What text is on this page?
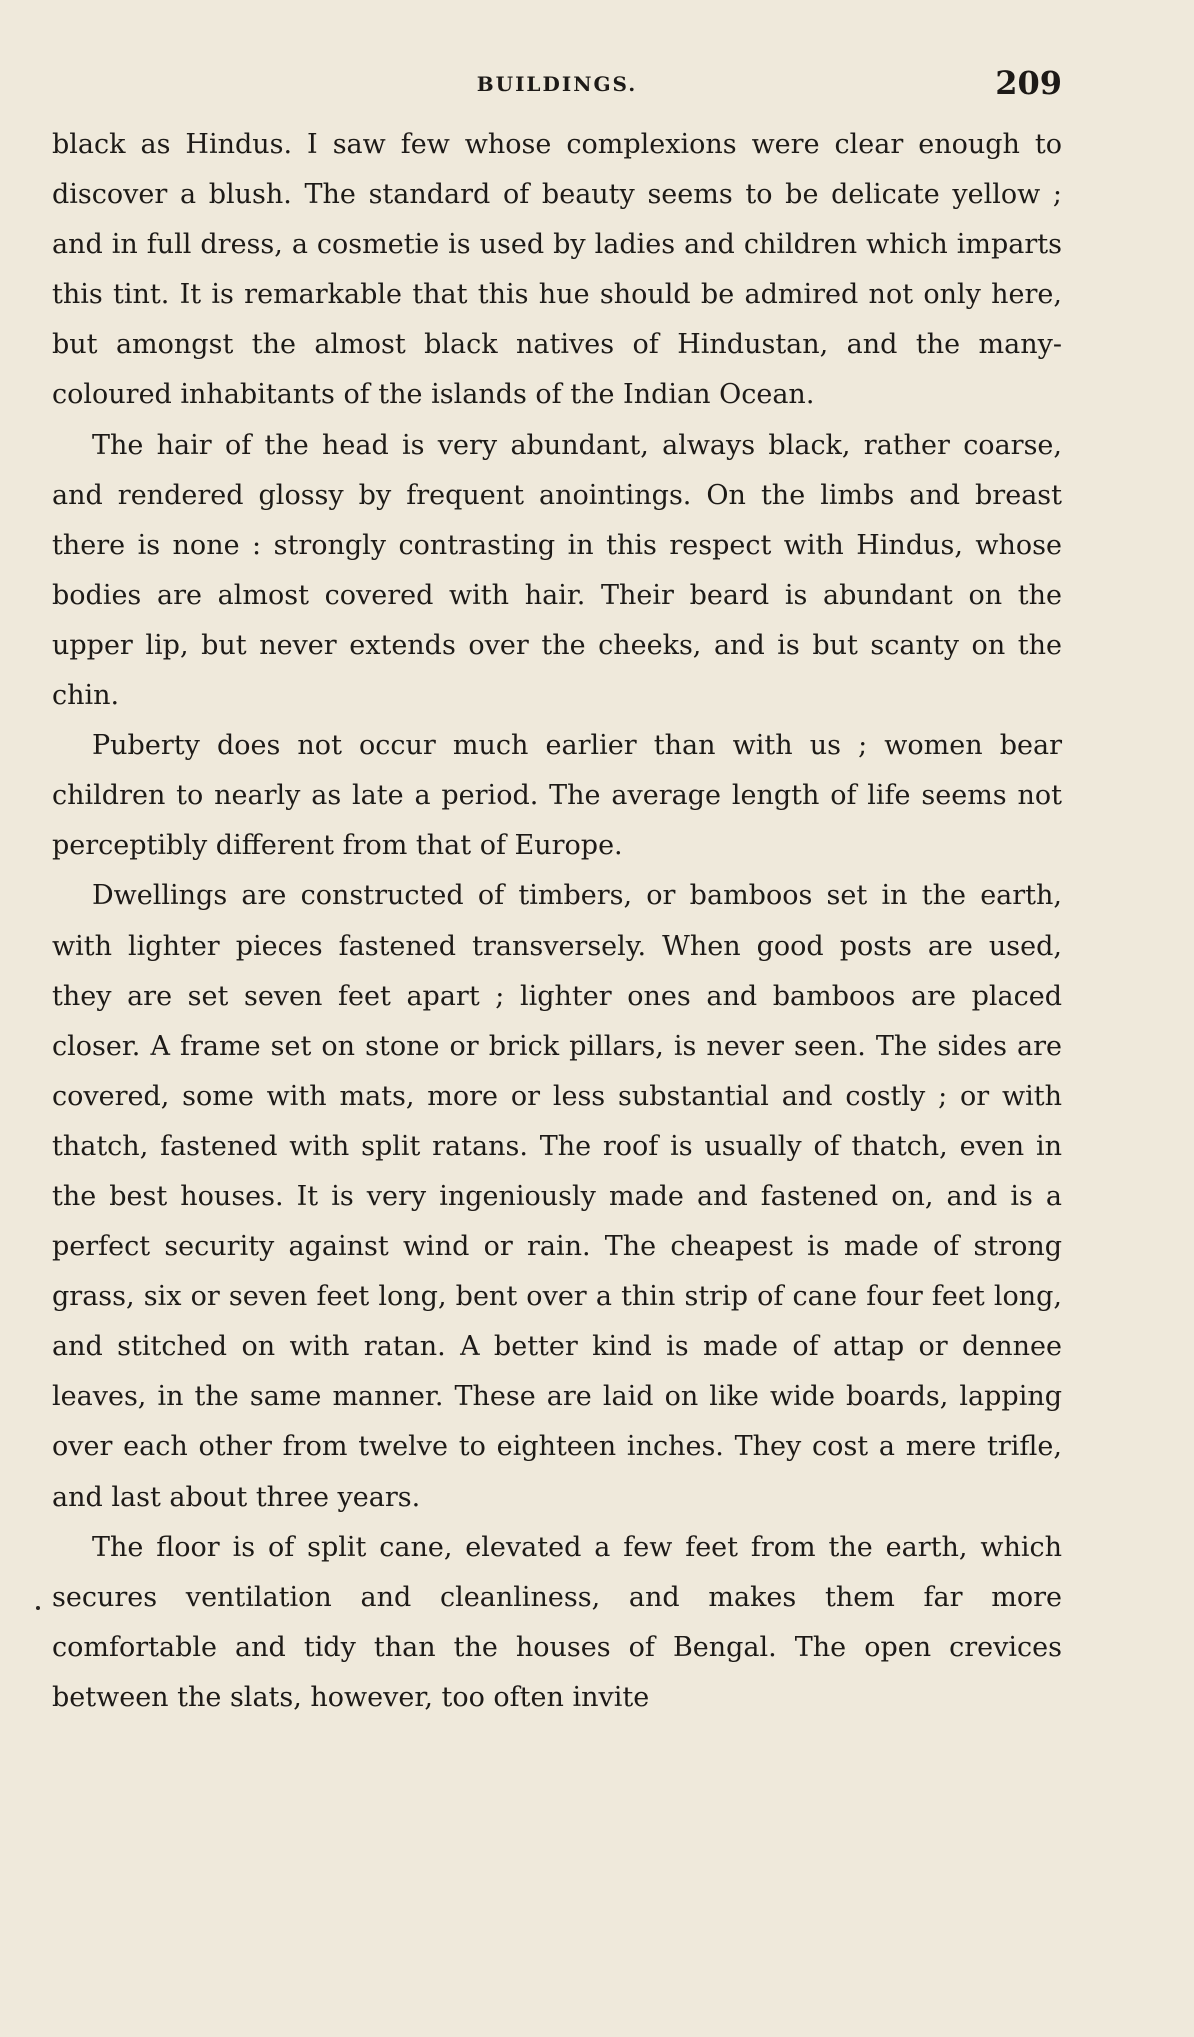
BUILDINGS.	209

black as Hindus. I saw few whose complexions were clear enough to discover a blush. The standard of beauty seems to be delicate yellow ; and in full dress, a cosmetie is used by ladies and children which imparts this tint. It is remarkable that this hue should be admired not only here, but amongst the almost black natives of Hindustan, and the many-coloured inhabitants of the islands of the Indian Ocean.

The hair of the head is very abundant, always black, rather coarse, and rendered glossy by frequent anointings. On the limbs and breast there is none : strongly contrasting in this respect with Hindus, whose bodies are almost covered with hair. Their beard is abundant on the upper lip, but never extends over the cheeks, and is but scanty on the chin.

Puberty does not occur much earlier than with us ; women bear children to nearly as late a period. The average length of life seems not perceptibly different from that of Europe.

Dwellings are constructed of timbers, or bamboos set in the earth, with lighter pieces fastened transversely. When good posts are used, they are set seven feet apart ; lighter ones and bamboos are placed closer. A frame set on stone or brick pillars, is never seen. The sides are covered, some with mats, more or less substantial and costly ; or with thatch, fastened with split ratans. The roof is usually of thatch, even in the best houses. It is very ingeniously made and fastened on, and is a perfect security against wind or rain. The cheapest is made of strong grass, six or seven feet long, bent over a thin strip of cane four feet long, and stitched on with ratan. A better kind is made of attap or dennee leaves, in the same manner. These are laid on like wide boards, lapping over each other from twelve to eighteen inches. They cost a mere trifle, and last about three years.

The floor is of split cane, elevated a few feet from the earth, which secures ventilation and cleanliness, and makes them far more comfortable and tidy than the houses of Bengal. The open crevices between the slats, however, too often invite
